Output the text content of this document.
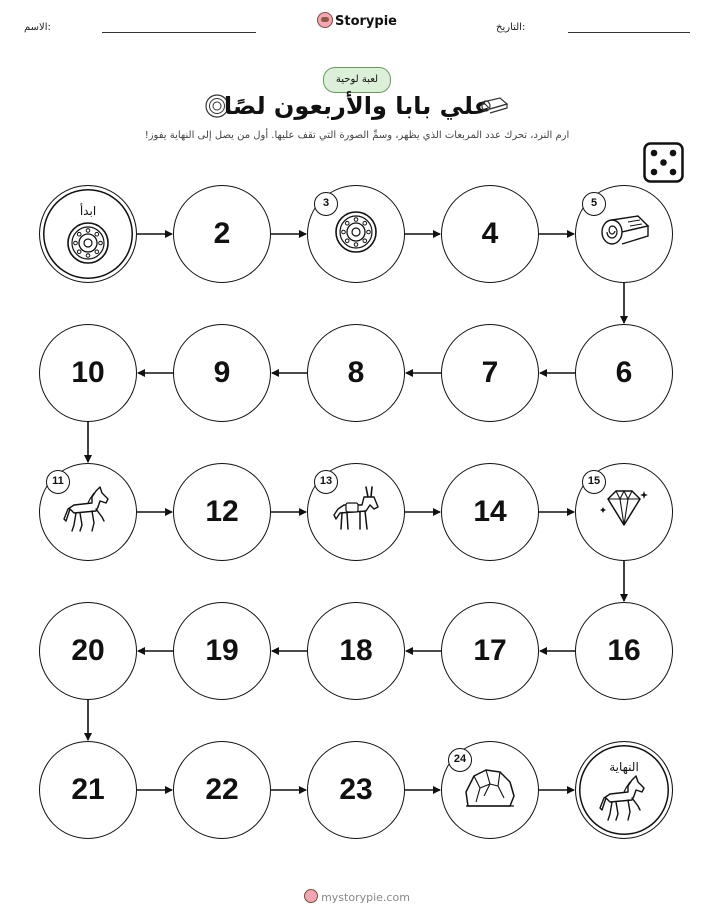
الاسم:	Storypie	التاريخ:
لعبة لوحية
علي بابا والأربعون لصًا
ارم النرد، تحرك عدد المربعات الذي يظهر، وسمِّ الصورة التي تقف عليها. أول من يصل إلى النهاية يفوز!
ابدأ
2
3
4
5
6
7
8
9
10
11
12
13
14
15
16
17
18
19
20
21	22	23
24
النهاية
mystorypie.com
